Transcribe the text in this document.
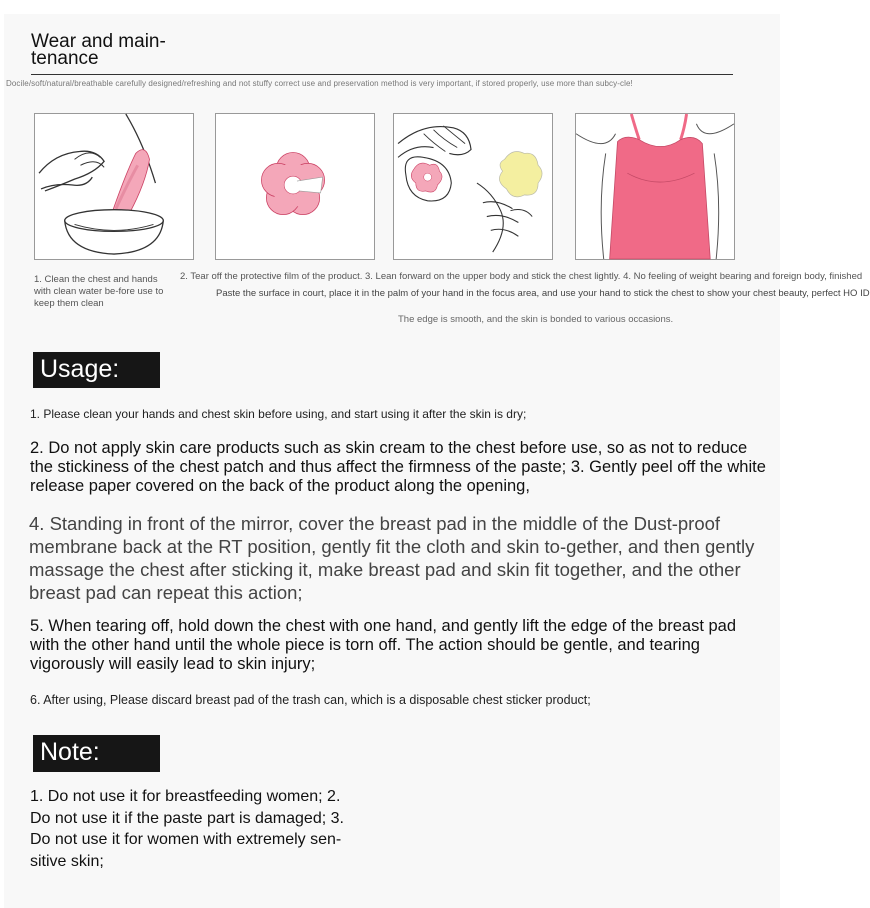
Wear and main-
tenance
Docile/soft/natural/breathable carefully designed/refreshing and not stuffy correct use and preservation method is very important, if stored properly, use more than subcy-cle!
1. Clean the chest and hands with clean water be-fore use to keep them clean
2. Tear off the protective film of the product. 3. Lean forward on the upper body and stick the chest lightly. 4. No feeling of weight bearing and foreign body, finished
Paste the surface in court, place it in the palm of your hand in the focus area, and use your hand to stick the chest to show your chest beauty, perfect HO ID
The edge is smooth, and the skin is bonded to various occasions.
Usage:
1. Please clean your hands and chest skin before using, and start using it after the skin is dry;
2. Do not apply skin care products such as skin cream to the chest before use, so as not to reduce the stickiness of the chest patch and thus affect the firmness of the paste; 3. Gently peel off the white release paper covered on the back of the product along the opening,
4. Standing in front of the mirror, cover the breast pad in the middle of the Dust-proof membrane back at the RT position, gently fit the cloth and skin to-gether, and then gently massage the chest after sticking it, make breast pad and skin fit together, and the other breast pad can repeat this action;
5. When tearing off, hold down the chest with one hand, and gently lift the edge of the breast pad with the other hand until the whole piece is torn off. The action should be gentle, and tearing vigorously will easily lead to skin injury;
6. After using, Please discard breast pad of the trash can, which is a disposable chest sticker product;
Note:
1. Do not use it for breastfeeding women; 2. Do not use it if the paste part is damaged; 3. Do not use it for women with extremely sen-sitive skin;
